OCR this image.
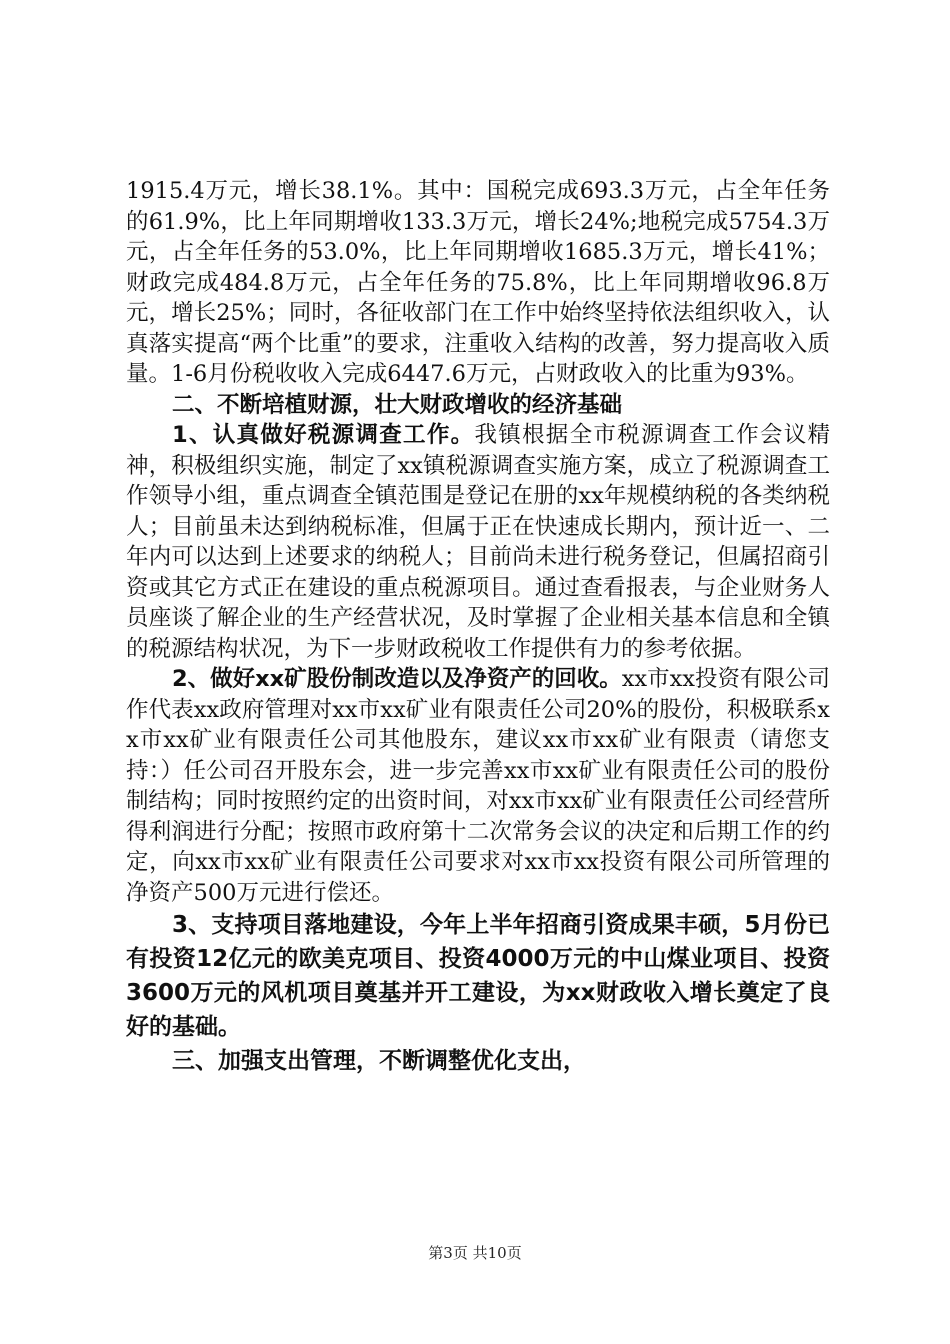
1915.4万元，增长38.1%。其中：国税完成693.3万元，占全年任务的61.9%，比上年同期增收133.3万元，增长24%;地税完成5754.3万元，占全年任务的53.0%，比上年同期增收1685.3万元，增长41%；财政完成484.8万元，占全年任务的75.8%，比上年同期增收96.8万元，增长25%；同时，各征收部门在工作中始终坚持依法组织收入，认真落实提高“两个比重”的要求，注重收入结构的改善，努力提高收入质量。1-6月份税收收入完成6447.6万元，占财政收入的比重为93%。

二、不断培植财源，壮大财政增收的经济基础

1、认真做好税源调查工作。我镇根据全市税源调查工作会议精神，积极组织实施，制定了xx镇税源调查实施方案，成立了税源调查工作领导小组，重点调查全镇范围是登记在册的xx年规模纳税的各类纳税人；目前虽未达到纳税标准，但属于正在快速成长期内，预计近一、二年内可以达到上述要求的纳税人；目前尚未进行税务登记，但属招商引资或其它方式正在建设的重点税源项目。通过查看报表，与企业财务人员座谈了解企业的生产经营状况，及时掌握了企业相关基本信息和全镇的税源结构状况，为下一步财政税收工作提供有力的参考依据。

2、做好xx矿股份制改造以及净资产的回收。xx市xx投资有限公司作代表xx政府管理对xx市xx矿业有限责任公司20%的股份，积极联系xx市xx矿业有限责任公司其他股东，建议xx市xx矿业有限责（请您支持：）任公司召开股东会，进一步完善xx市xx矿业有限责任公司的股份制结构；同时按照约定的出资时间，对xx市xx矿业有限责任公司经营所得利润进行分配；按照市政府第十二次常务会议的决定和后期工作的约定，向xx市xx矿业有限责任公司要求对xx市xx投资有限公司所管理的净资产500万元进行偿还。

3、支持项目落地建设，今年上半年招商引资成果丰硕，5月份已有投资12亿元的欧美克项目、投资4000万元的中山煤业项目、投资3600万元的风机项目奠基并开工建设，为xx财政收入增长奠定了良好的基础。

三、加强支出管理，不断调整优化支出，

第3页 共10页
